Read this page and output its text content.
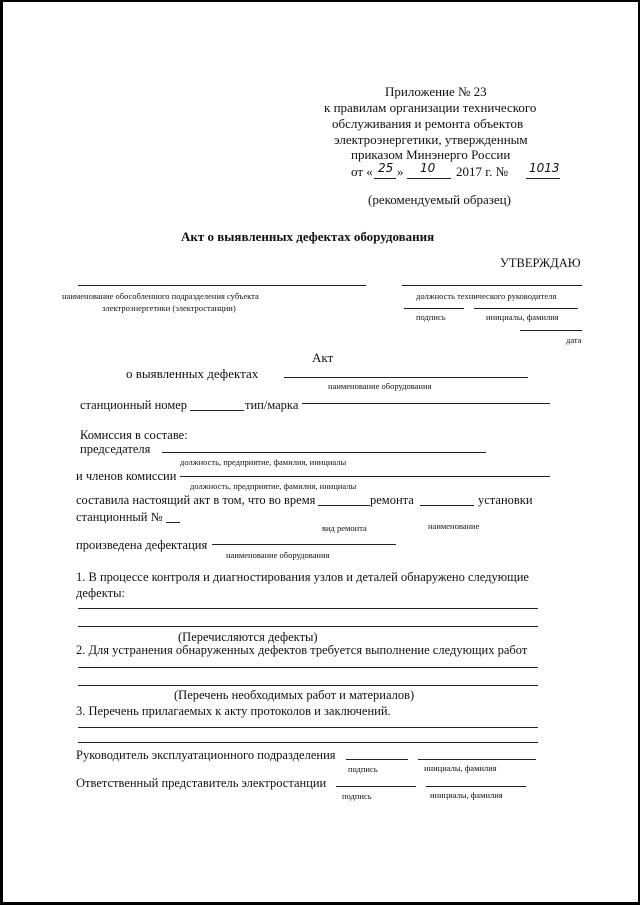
Приложение № 23
к правилам организации технического
обслуживания и ремонта объектов
электроэнергетики, утвержденным
приказом Минэнерго России
от « 25 » 10 2017 г. № 1013
(рекомендуемый образец)
Акт о выявленных дефектах оборудования
УТВЕРЖДАЮ
наименование обособленного подразделения субъекта
электроэнергетики (электростанции)
должность технического руководителя
подпись	инициалы, фамилия
дата
Акт
о выявленных дефектах
наименование оборудования
станционный номер	тип/марка
Комиссия в составе:
председателя
должность, предприятие, фамилия, инициалы
и членов комиссии
должность, предприятие, фамилия, инициалы
составила настоящий акт в том, что во время	ремонта	установки
станционный №
вид ремонта	наименование
произведена дефектация
наименование оборудования
1. В процессе контроля и диагностирования узлов и деталей обнаружено следующие
дефекты:
(Перечисляются дефекты)
2. Для устранения обнаруженных дефектов требуется выполнение следующих работ
(Перечень необходимых работ и материалов)
3. Перечень прилагаемых к акту протоколов и заключений.
Руководитель эксплуатационного подразделения
подпись	инициалы, фамилия
Ответственный представитель электростанции
подпись	инициалы, фамилия
